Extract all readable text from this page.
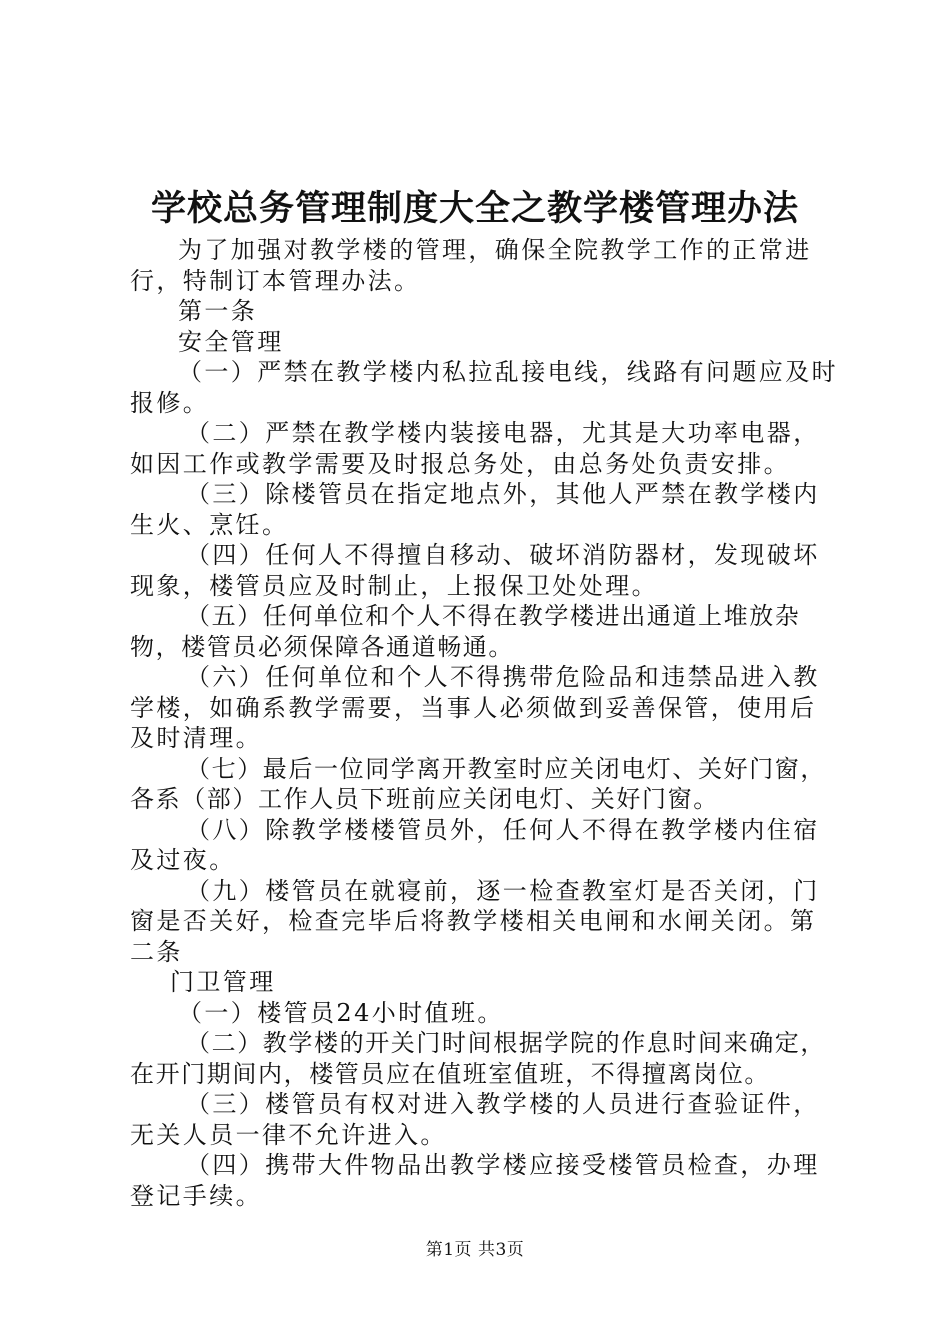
学校总务管理制度大全之教学楼管理办法

为了加强对教学楼的管理，确保全院教学工作的正常进行，特制订本管理办法。

第一条

安全管理

（一）严禁在教学楼内私拉乱接电线，线路有问题应及时报修。

（二）严禁在教学楼内装接电器，尤其是大功率电器，如因工作或教学需要及时报总务处，由总务处负责安排。

（三）除楼管员在指定地点外，其他人严禁在教学楼内生火、烹饪。

（四）任何人不得擅自移动、破坏消防器材，发现破坏现象，楼管员应及时制止，上报保卫处处理。

（五）任何单位和个人不得在教学楼进出通道上堆放杂物，楼管员必须保障各通道畅通。

（六）任何单位和个人不得携带危险品和违禁品进入教学楼，如确系教学需要，当事人必须做到妥善保管，使用后及时清理。

（七）最后一位同学离开教室时应关闭电灯、关好门窗，各系（部）工作人员下班前应关闭电灯、关好门窗。

（八）除教学楼楼管员外，任何人不得在教学楼内住宿及过夜。

（九）楼管员在就寝前，逐一检查教室灯是否关闭，门窗是否关好，检查完毕后将教学楼相关电闸和水闸关闭。第二条

门卫管理

（一）楼管员24小时值班。

（二）教学楼的开关门时间根据学院的作息时间来确定，在开门期间内，楼管员应在值班室值班，不得擅离岗位。

（三）楼管员有权对进入教学楼的人员进行查验证件，无关人员一律不允许进入。

（四）携带大件物品出教学楼应接受楼管员检查，办理登记手续。

第1页 共3页
